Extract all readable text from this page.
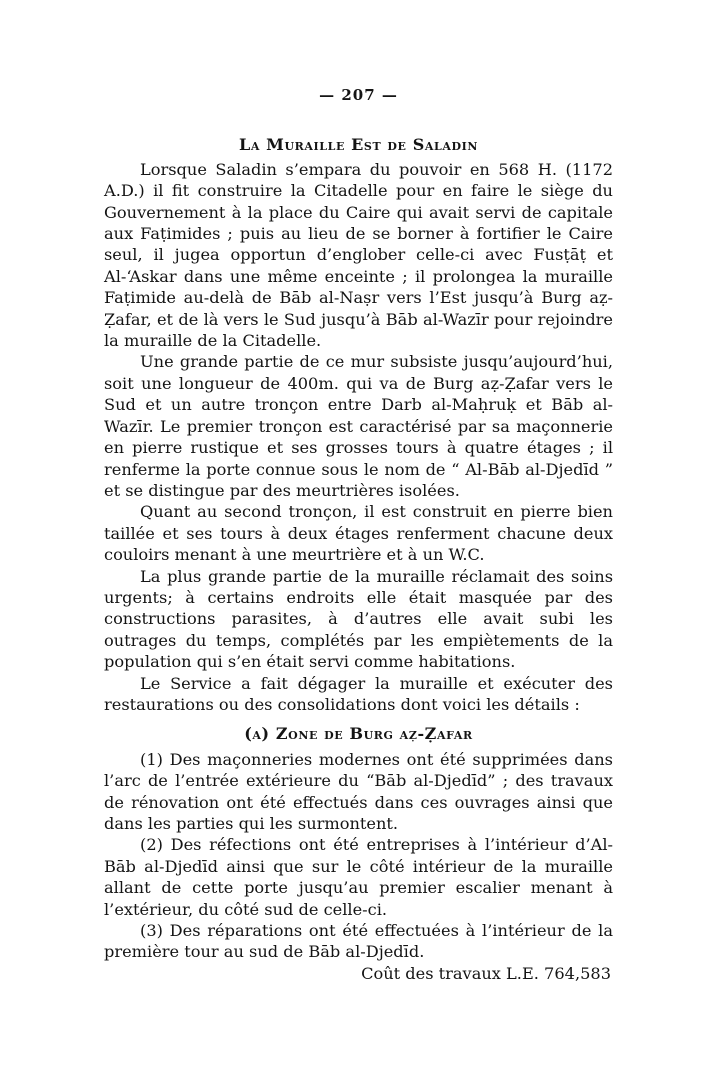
— 207 —
La Muraille Est de Saladin

Lorsque Saladin s’empara du pouvoir en 568 H. (1172 A.D.) il fit construire la Citadelle pour en faire le siège du Gouvernement à la place du Caire qui avait servi de capitale aux Faṭimides ; puis au lieu de se borner à fortifier le Caire seul, il jugea opportun d’englober celle-ci avec Fusṭāṭ et Al-‘Askar dans une même enceinte ; il prolongea la muraille Faṭimide au-delà de Bāb al-Naṣr vers l’Est jusqu’à Burg aẓ-Ẓafar, et de là vers le Sud jusqu’à Bāb al-Wazīr pour rejoindre la muraille de la Citadelle.

Une grande partie de ce mur subsiste jusqu’aujourd’hui, soit une longueur de 400m. qui va de Burg aẓ-Ẓafar vers le Sud et un autre tronçon entre Darb al-Maḥruḳ et Bāb al-Wazīr. Le premier tronçon est caractérisé par sa maçonnerie en pierre rustique et ses grosses tours à quatre étages ; il renferme la porte connue sous le nom de “ Al-Bāb al-Djedīd ” et se distingue par des meurtrières isolées.

Quant au second tronçon, il est construit en pierre bien taillée et ses tours à deux étages renferment chacune deux couloirs menant à une meurtrière et à un W.C.

La plus grande partie de la muraille réclamait des soins urgents; à certains endroits elle était masquée par des constructions parasites, à d’autres elle avait subi les outrages du temps, complétés par les empiètements de la population qui s’en était servi comme habitations.

Le Service a fait dégager la muraille et exécuter des restaurations ou des consolidations dont voici les détails :

(a) Zone de Burg aẓ-Ẓafar

(1) Des maçonneries modernes ont été supprimées dans l’arc de l’entrée extérieure du “Bāb al-Djedīd” ; des travaux de rénovation ont été effectués dans ces ouvrages ainsi que dans les parties qui les surmontent.

(2) Des réfections ont été entreprises à l’intérieur d’Al-Bāb al-Djedīd ainsi que sur le côté intérieur de la muraille allant de cette porte jusqu’au premier escalier menant à l’extérieur, du côté sud de celle-ci.

(3) Des réparations ont été effectuées à l’intérieur de la première tour au sud de Bāb al-Djedīd.

Coût des travaux L.E. 764,583
